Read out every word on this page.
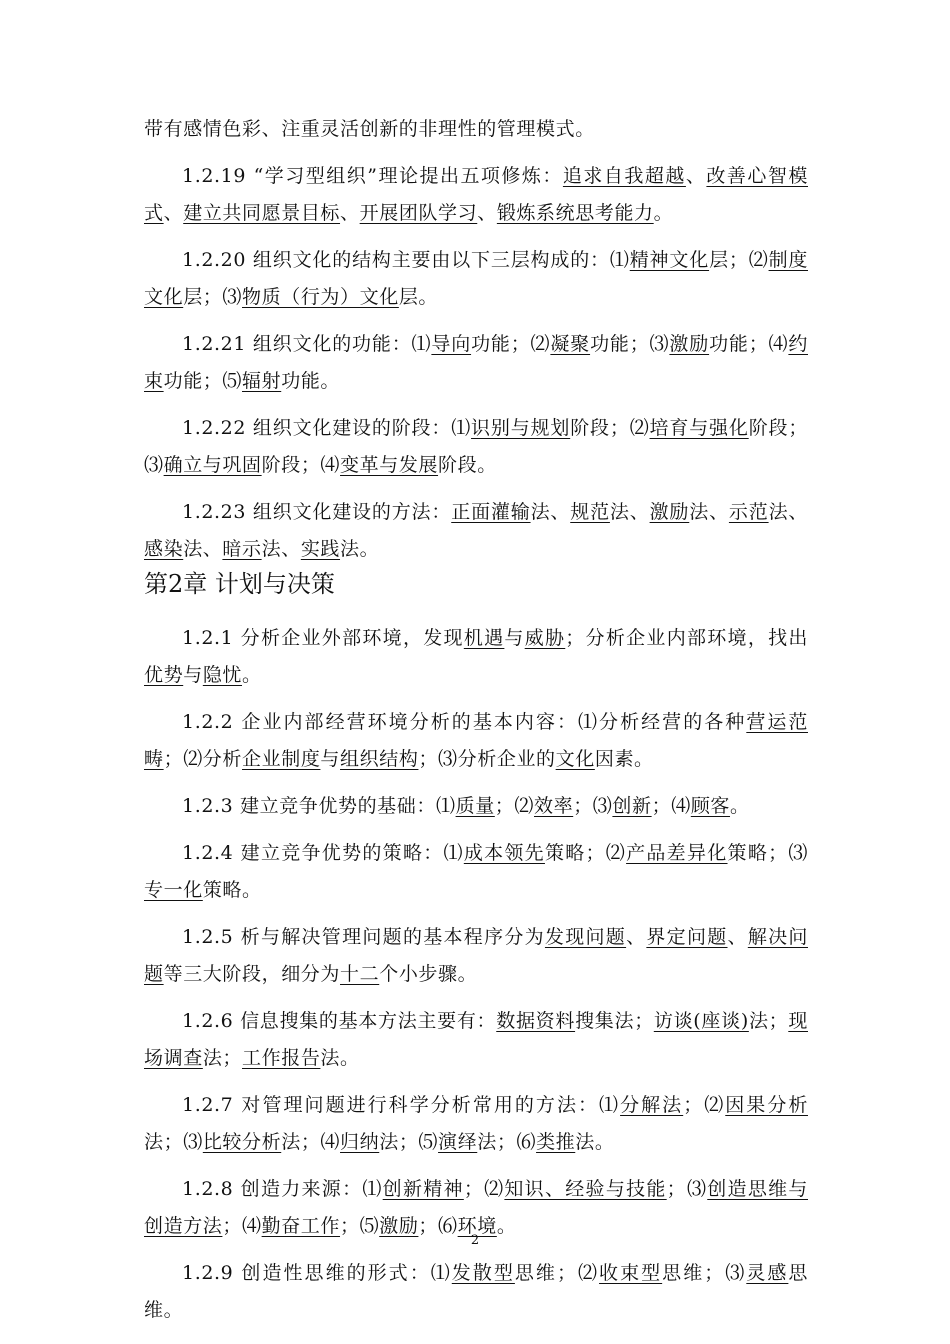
带有感情色彩、注重灵活创新的非理性的管理模式。

1.2.19 “学习型组织”理论提出五项修炼：追求自我超越、改善心智模式、建立共同愿景目标、开展团队学习、锻炼系统思考能力。

1.2.20 组织文化的结构主要由以下三层构成的：⑴精神文化层；⑵制度文化层；⑶物质（行为）文化层。

1.2.21 组织文化的功能：⑴导向功能；⑵凝聚功能；⑶激励功能；⑷约束功能；⑸辐射功能。

1.2.22 组织文化建设的阶段：⑴识别与规划阶段；⑵培育与强化阶段；⑶确立与巩固阶段；⑷变革与发展阶段。

1.2.23 组织文化建设的方法：正面灌输法、规范法、激励法、示范法、感染法、暗示法、实践法。

第2章 计划与决策

1.2.1 分析企业外部环境，发现机遇与威胁；分析企业内部环境，找出优势与隐忧。

1.2.2 企业内部经营环境分析的基本内容：⑴分析经营的各种营运范畴；⑵分析企业制度与组织结构；⑶分析企业的文化因素。

1.2.3 建立竞争优势的基础：⑴质量；⑵效率；⑶创新；⑷顾客。

1.2.4 建立竞争优势的策略：⑴成本领先策略；⑵产品差异化策略；⑶专一化策略。

1.2.5 析与解决管理问题的基本程序分为发现问题、界定问题、解决问题等三大阶段，细分为十二个小步骤。

1.2.6 信息搜集的基本方法主要有：数据资料搜集法；访谈(座谈)法；现场调查法；工作报告法。

1.2.7 对管理问题进行科学分析常用的方法：⑴分解法；⑵因果分析法；⑶比较分析法；⑷归纳法；⑸演绎法；⑹类推法。

1.2.8 创造力来源：⑴创新精神；⑵知识、经验与技能；⑶创造思维与创造方法；⑷勤奋工作；⑸激励；⑹环境。

1.2.9 创造性思维的形式：⑴发散型思维；⑵收束型思维；⑶灵感思维。

2
